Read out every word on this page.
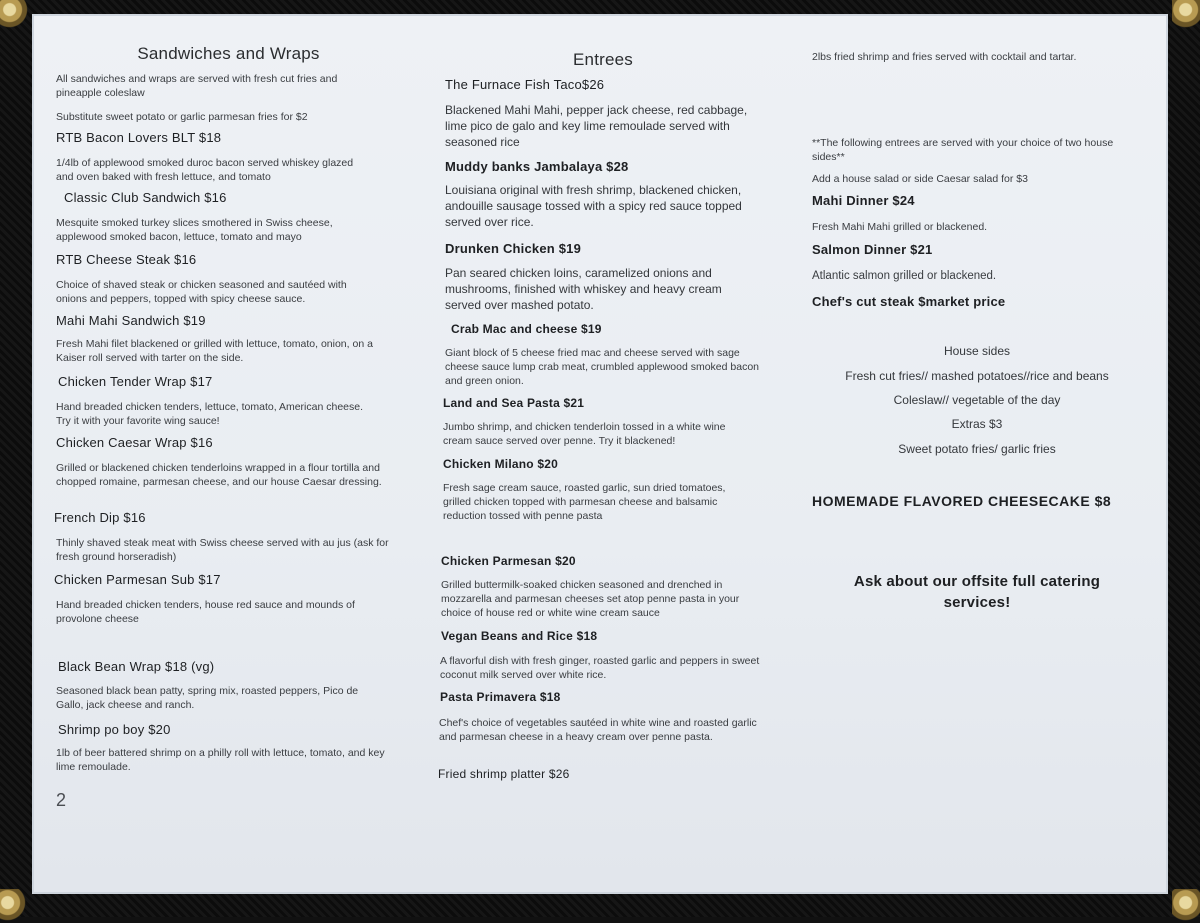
Sandwiches and Wraps
All sandwiches and wraps are served with fresh cut fries and pineapple coleslaw
Substitute sweet potato or garlic parmesan fries for $2
RTB Bacon Lovers BLT $18
1/4lb of applewood smoked duroc bacon served whiskey glazed and oven baked with fresh lettuce, and tomato
Classic Club Sandwich $16
Mesquite smoked turkey slices smothered in Swiss cheese, applewood smoked bacon, lettuce, tomato and mayo
RTB Cheese Steak $16
Choice of shaved steak or chicken seasoned and sautéed with onions and peppers, topped with spicy cheese sauce.
Mahi Mahi Sandwich $19
Fresh Mahi filet blackened or grilled with lettuce, tomato, onion, on a Kaiser roll served with tarter on the side.
Chicken Tender Wrap $17
Hand breaded chicken tenders, lettuce, tomato, American cheese. Try it with your favorite wing sauce!
Chicken Caesar Wrap $16
Grilled or blackened chicken tenderloins wrapped in a flour tortilla and chopped romaine, parmesan cheese, and our house Caesar dressing.
French Dip $16
Thinly shaved steak meat with Swiss cheese served with au jus (ask for fresh ground horseradish)
Chicken Parmesan Sub $17
Hand breaded chicken tenders, house red sauce and mounds of provolone cheese
Black Bean Wrap $18 (vg)
Seasoned black bean patty, spring mix, roasted peppers, Pico de Gallo, jack cheese and ranch.
Shrimp po boy $20
1lb of beer battered shrimp on a philly roll with lettuce, tomato, and key lime remoulade.
Entrees
The Furnace Fish Taco$26
Blackened Mahi Mahi, pepper jack cheese, red cabbage, lime pico de galo and key lime remoulade served with seasoned rice
Muddy banks Jambalaya $28
Louisiana original with fresh shrimp, blackened chicken, andouille sausage tossed with a spicy red sauce topped served over rice.
Drunken Chicken $19
Pan seared chicken loins, caramelized onions and mushrooms, finished with whiskey and heavy cream served over mashed potato.
Crab Mac and cheese $19
Giant block of 5 cheese fried mac and cheese served with sage cheese sauce lump crab meat, crumbled applewood smoked bacon and green onion.
Land and Sea Pasta $21
Jumbo shrimp, and chicken tenderloin tossed in a white wine cream sauce served over penne. Try it blackened!
Chicken Milano $20
Fresh sage cream sauce, roasted garlic, sun dried tomatoes, grilled chicken topped with parmesan cheese and balsamic reduction tossed with penne pasta
Chicken Parmesan $20
Grilled buttermilk-soaked chicken seasoned and drenched in mozzarella and parmesan cheeses set atop penne pasta in your choice of house red or white wine cream sauce
Vegan Beans and Rice $18
A flavorful dish with fresh ginger, roasted garlic and peppers in sweet coconut milk served over white rice.
Pasta Primavera $18
Chef's choice of vegetables sautéed in white wine and roasted garlic and parmesan cheese in a heavy cream over penne pasta.
Fried shrimp platter $26
2lbs fried shrimp and fries served with cocktail and tartar.
**The following entrees are served with your choice of two house sides**
Add a house salad or side Caesar salad for $3
Mahi Dinner $24
Fresh Mahi Mahi grilled or blackened.
Salmon Dinner $21
Atlantic salmon grilled or blackened.
Chef's cut steak $market price
House sides
Fresh cut fries// mashed potatoes//rice and beans
Coleslaw// vegetable of the day
Extras $3
Sweet potato fries/ garlic fries
HOMEMADE FLAVORED CHEESECAKE $8
Ask about our offsite full catering services!
2
